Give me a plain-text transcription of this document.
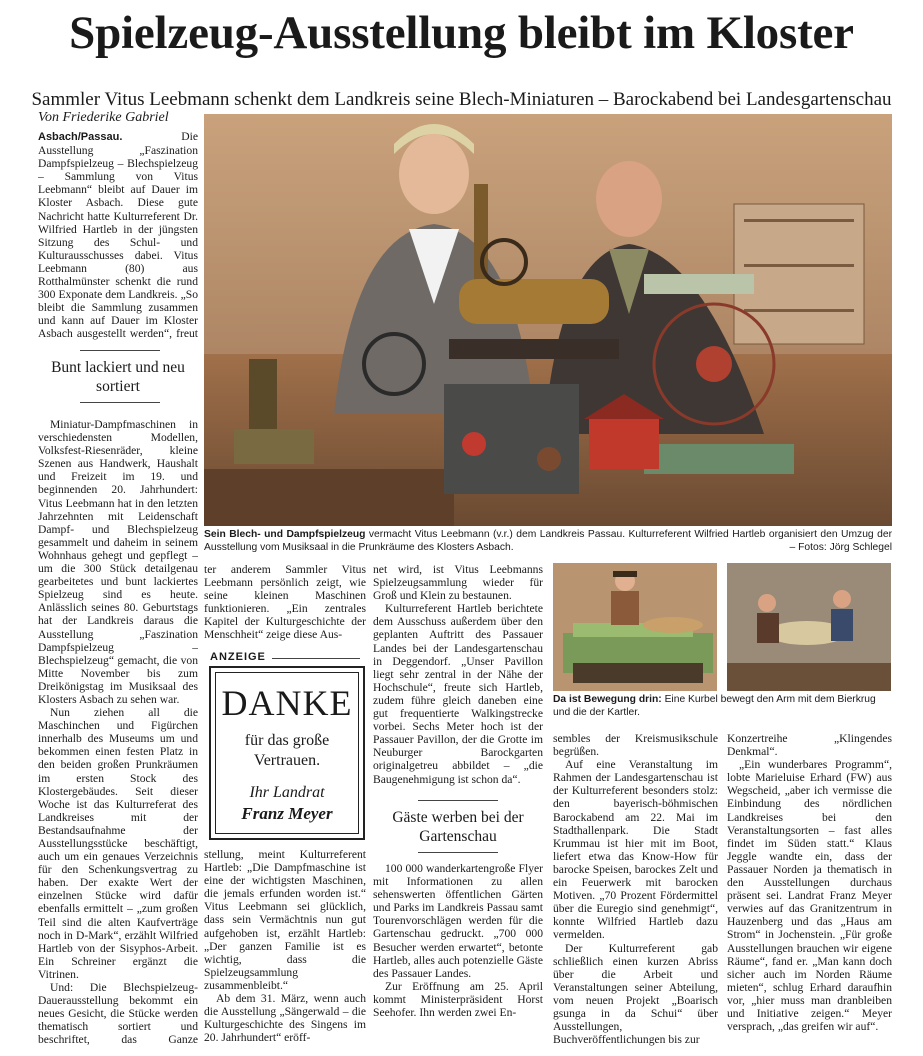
Spielzeug-Ausstellung bleibt im Kloster
Sammler Vitus Leebmann schenkt dem Landkreis seine Blech-Miniaturen – Barockabend bei Landesgartenschau
Von Friederike Gabriel

Asbach/Passau.	Die Ausstellung „Faszination Dampfspielzeug – Blechspielzeug – Sammlung von Vitus Leebmann“ bleibt auf Dauer im Kloster Asbach. Diese gute Nachricht hatte Kulturreferent Dr. Wilfried Hartleb in der jüngsten Sitzung des Schul- und Kulturausschusses dabei. Vitus Leebmann (80) aus Rotthalmünster schenkt die rund 300 Exponate dem Landkreis. „So bleibt die Sammlung zusammen und kann auf Dauer im Kloster Asbach ausgestellt werden“, freut

Bunt lackiert und neu sortiert

Miniatur-Dampfmaschinen in verschiedensten Modellen, Volksfest-Riesenräder, kleine Szenen aus Handwerk, Haushalt und Freizeit im 19. und beginnenden 20. Jahrhundert: Vitus Leebmann hat in den letzten Jahrzehnten mit Leidenschaft Dampf- und Blechspielzeug gesammelt und daheim in seinem Wohnhaus gehegt und gepflegt – um die 300 Stück detailgenau gearbeitetes und bunt lackiertes Spielzeug sind es heute. Anlässlich seines 80. Geburtstags hat der Landkreis daraus die Ausstellung „Faszination Dampfspielzeug – Blechspielzeug“ gemacht, die von Mitte November bis zum Dreikönigstag im Musiksaal des Klosters Asbach zu sehen war.

Nun ziehen all die Maschinchen und Figürchen innerhalb des Museums um und bekommen einen festen Platz in den beiden großen Prunkräumen im ersten Stock des Klostergebäudes. Seit dieser Woche ist das Kulturreferat des Landkreises mit der Bestandsaufnahme der Ausstellungsstücke beschäftigt, auch um ein genaues Verzeichnis für den Schenkungsvertrag zu haben. Der exakte Wert der einzelnen Stücke wird dafür ebenfalls ermittelt – „zum großen Teil sind die alten Kaufverträge noch in D-Mark“, erzählt Wilfried Hartleb von der Sisyphos-Arbeit. Ein Schreiner ergänzt die Vitrinen.

Und: Die Blechspielzeug-Dauerausstellung bekommt ein neues Gesicht, die Stücke werden thematisch sortiert und beschriftet, das Ganze

Sein Blech- und Dampfspielzeug vermacht Vitus Leebmann (v.r.) dem Landkreis Passau. Kulturreferent Wilfried Hartleb organisiert den Umzug der Ausstellung vom Musiksaal in die Prunkräume des Klosters Asbach.	– Fotos: Jörg Schlegel

ter anderem Sammler Vitus Leebmann persönlich zeigt, wie seine kleinen Maschinen funktionieren. „Ein zentrales Kapitel der Kulturgeschichte der Menschheit“ zeige diese Aus-

ANZEIGE
DANKE
für das große
Vertrauen.
Ihr Landrat
Franz Meyer

stellung, meint Kulturreferent Hartleb: „Die Dampfmaschine ist eine der wichtigsten Maschinen, die jemals erfunden worden ist.“ Vitus Leebmann sei glücklich, dass sein Vermächtnis nun gut aufgehoben ist, erzählt Hartleb: „Der ganzen Familie ist es wichtig, dass die Spielzeugsammlung zusammenbleibt.“

Ab dem 31. März, wenn auch die Ausstellung „Sängerwald – die Kulturgeschichte des Singens im 20. Jahrhundert“ eröff-

net wird, ist Vitus Leebmanns Spielzeugsammlung wieder für Groß und Klein zu bestaunen.

Kulturreferent Hartleb berichtete dem Ausschuss außerdem über den geplanten Auftritt des Passauer Landes bei der Landesgartenschau in Deggendorf. „Unser Pavillon liegt sehr zentral in der Nähe der Hochschule“, freute sich Hartleb, zudem führe gleich daneben eine gut frequentierte Walkingstrecke vorbei. Sechs Meter hoch ist der Passauer Pavillon, der die Grotte im Neuburger Barockgarten originalgetreu abbildet – „die Baugenehmigung ist schon da“.

Gäste werben bei der Gartenschau

100 000 wanderkartengroße Flyer mit Informationen zu allen sehenswerten öffentlichen Gärten und Parks im Landkreis Passau samt Tourenvorschlägen werden für die Gartenschau gedruckt. „700 000 Besucher werden erwartet“, betonte Hartleb, alles auch potenzielle Gäste des Passauer Landes.

Zur Eröffnung am 25. April kommt Ministerpräsident Horst Seehofer. Ihn werden zwei En-

Da ist Bewegung drin: Eine Kurbel bewegt den Arm mit dem Bierkrug und die der Kartler.

sembles der Kreismusikschule begrüßen.

Auf eine Veranstaltung im Rahmen der Landesgartenschau ist der Kulturreferent besonders stolz: den bayerisch-böhmischen Barockabend am 22. Mai im Stadthallenpark. Die Stadt Krummau ist hier mit im Boot, liefert etwa das Know-How für barocke Speisen, barockes Zelt und ein Feuerwerk mit barocken Motiven. „70 Prozent Fördermittel über die Euregio sind genehmigt“, konnte Wilfried Hartleb dazu vermelden.

Der Kulturreferent gab schließlich einen kurzen Abriss über die Arbeit und Veranstaltungen seiner Abteilung, vom neuen Projekt „Boarisch gsunga in da Schui“ über Ausstellungen, Buchveröffentlichungen bis zur

Konzertreihe „Klingendes Denkmal“.

„Ein wunderbares Programm“, lobte Marieluise Erhard (FW) aus Wegscheid, „aber ich vermisse die Einbindung des nördlichen Landkreises bei den Veranstaltungsorten – fast alles findet im Süden statt.“ Klaus Jeggle wandte ein, dass der Passauer Norden ja thematisch in den Ausstellungen durchaus präsent sei. Landrat Franz Meyer verwies auf das Granitzentrum in Hauzenberg und das „Haus am Strom“ in Jochenstein. „Für große Ausstellungen brauchen wir eigene Räume“, fand er. „Man kann doch sicher auch im Norden Räume mieten“, schlug Erhard daraufhin vor, „hier muss man dranbleiben und Initiative zeigen.“ Meyer versprach, „das greifen wir auf“.
